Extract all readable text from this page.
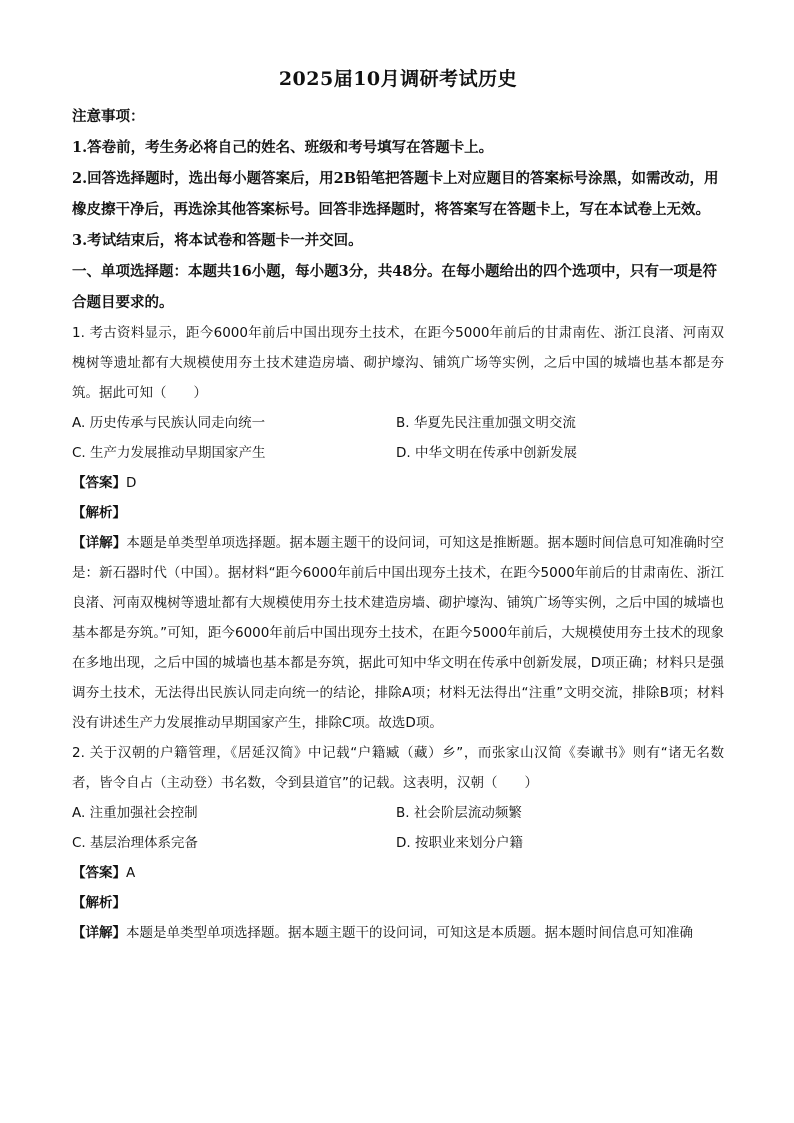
2025届10月调研考试历史

注意事项：

1.答卷前，考生务必将自己的姓名、班级和考号填写在答题卡上。

2.回答选择题时，选出每小题答案后，用2B铅笔把答题卡上对应题目的答案标号涂黑，如需改动，用橡皮擦干净后，再选涂其他答案标号。回答非选择题时，将答案写在答题卡上，写在本试卷上无效。

3.考试结束后，将本试卷和答题卡一并交回。

一、单项选择题：本题共16小题，每小题3分，共48分。在每小题给出的四个选项中，只有一项是符合题目要求的。

1. 考古资料显示，距今6000年前后中国出现夯土技术，在距今5000年前后的甘肃南佐、浙江良渚、河南双槐树等遗址都有大规模使用夯土技术建造房墙、砌护壕沟、铺筑广场等实例，之后中国的城墙也基本都是夯筑。据此可知（　　）

A. 历史传承与民族认同走向统一	B. 华夏先民注重加强文明交流
C. 生产力发展推动早期国家产生	D. 中华文明在传承中创新发展

【答案】D

【解析】

【详解】本题是单类型单项选择题。据本题主题干的设问词，可知这是推断题。据本题时间信息可知准确时空是：新石器时代（中国）。据材料“距今6000年前后中国出现夯土技术，在距今5000年前后的甘肃南佐、浙江良渚、河南双槐树等遗址都有大规模使用夯土技术建造房墙、砌护壕沟、铺筑广场等实例，之后中国的城墙也基本都是夯筑。”可知，距今6000年前后中国出现夯土技术，在距今5000年前后，大规模使用夯土技术的现象在多地出现，之后中国的城墙也基本都是夯筑，据此可知中华文明在传承中创新发展，D项正确；材料只是强调夯土技术，无法得出民族认同走向统一的结论，排除A项；材料无法得出“注重”文明交流，排除B项；材料没有讲述生产力发展推动早期国家产生，排除C项。故选D项。

2. 关于汉朝的户籍管理，《居延汉简》中记载“户籍臧（藏）乡”，而张家山汉简《奏谳书》则有“诸无名数者，皆令自占（主动登）书名数，令到县道官”的记载。这表明，汉朝（　　）

A. 注重加强社会控制	B. 社会阶层流动频繁
C. 基层治理体系完备	D. 按职业来划分户籍

【答案】A

【解析】

【详解】本题是单类型单项选择题。据本题主题干的设问词，可知这是本质题。据本题时间信息可知准确
